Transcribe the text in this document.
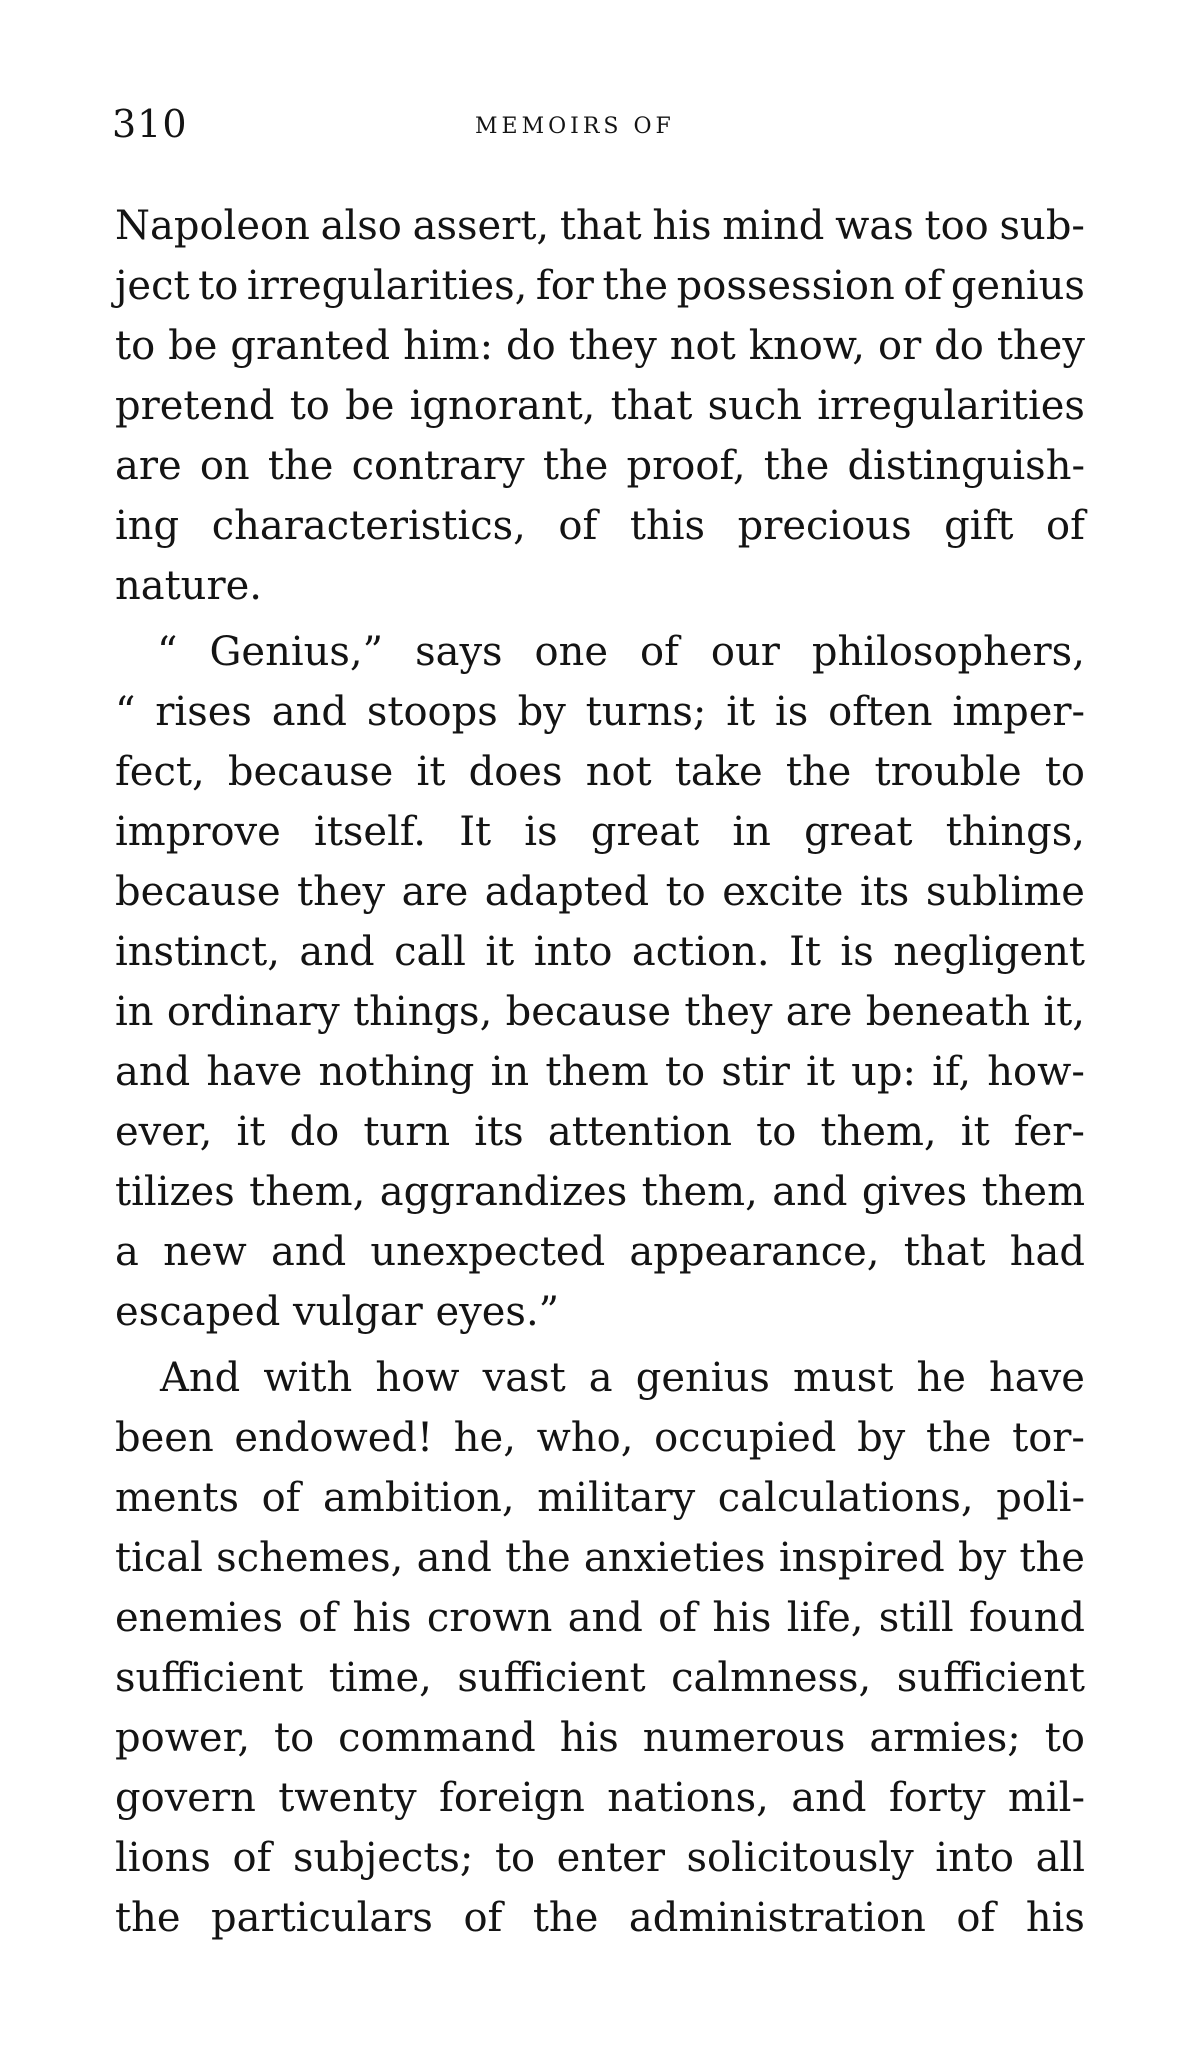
310	MEMOIRS OF
Napoleon also assert, that his mind was too sub-
ject to irregularities, for the possession of genius
to be granted him: do they not know, or do they
pretend to be ignorant, that such irregularities
are on the contrary the proof, the distinguish-
ing characteristics, of this precious gift of
nature.
“ Genius,” says one of our philosophers,
“ rises and stoops by turns; it is often imper-
fect, because it does not take the trouble to
improve itself. It is great in great things,
because they are adapted to excite its sublime
instinct, and call it into action. It is negligent
in ordinary things, because they are beneath it,
and have nothing in them to stir it up: if, how-
ever, it do turn its attention to them, it fer-
tilizes them, aggrandizes them, and gives them
a new and unexpected appearance, that had
escaped vulgar eyes.”
And with how vast a genius must he have
been endowed! he, who, occupied by the tor-
ments of ambition, military calculations, poli-
tical schemes, and the anxieties inspired by the
enemies of his crown and of his life, still found
sufficient time, sufficient calmness, sufficient
power, to command his numerous armies; to
govern twenty foreign nations, and forty mil-
lions of subjects; to enter solicitously into all
the particulars of the administration of his
